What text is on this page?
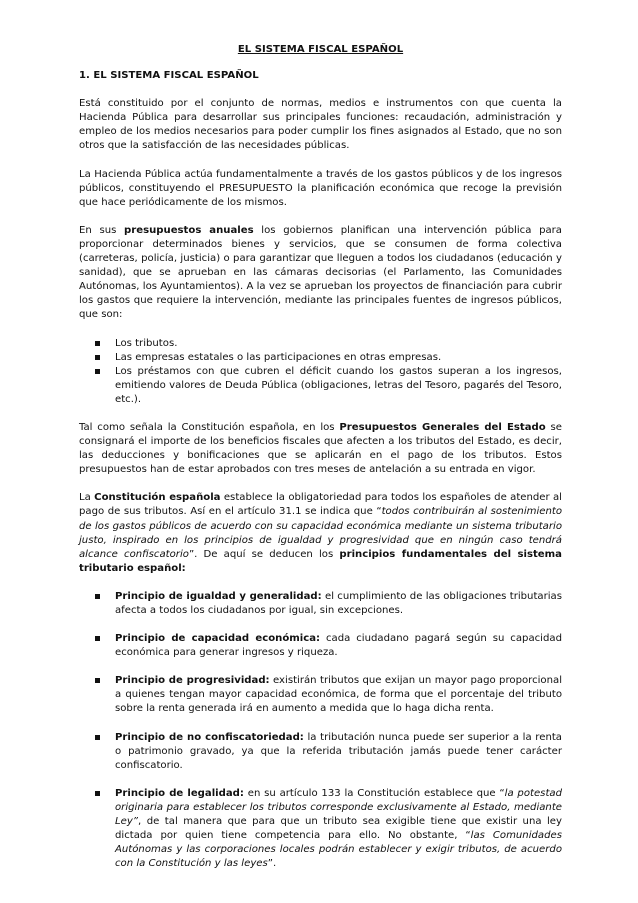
EL SISTEMA FISCAL ESPAÑOL
1. EL SISTEMA FISCAL ESPAÑOL

Está constituido por el conjunto de normas, medios e instrumentos con que cuenta la Hacienda Pública para desarrollar sus principales funciones: recaudación, administración y empleo de los medios necesarios para poder cumplir los fines asignados al Estado, que no son otros que la satisfacción de las necesidades públicas.

La Hacienda Pública actúa fundamentalmente a través de los gastos públicos y de los ingresos públicos, constituyendo el PRESUPUESTO la planificación económica que recoge la previsión que hace periódicamente de los mismos.

En sus presupuestos anuales los gobiernos planifican una intervención pública para proporcionar determinados bienes y servicios, que se consumen de forma colectiva (carreteras, policía, justicia) o para garantizar que lleguen a todos los ciudadanos (educación y sanidad), que se aprueban en las cámaras decisorias (el Parlamento, las Comunidades Autónomas, los Ayuntamientos). A la vez se aprueban los proyectos de financiación para cubrir los gastos que requiere la intervención, mediante las principales fuentes de ingresos públicos, que son:

Los tributos.
Las empresas estatales o las participaciones en otras empresas.
Los préstamos con que cubren el déficit cuando los gastos superan a los ingresos, emitiendo valores de Deuda Pública (obligaciones, letras del Tesoro, pagarés del Tesoro, etc.).

Tal como señala la Constitución española, en los Presupuestos Generales del Estado se consignará el importe de los beneficios fiscales que afecten a los tributos del Estado, es decir, las deducciones y bonificaciones que se aplicarán en el pago de los tributos. Estos presupuestos han de estar aprobados con tres meses de antelación a su entrada en vigor.

La Constitución española establece la obligatoriedad para todos los españoles de atender al pago de sus tributos. Así en el artículo 31.1 se indica que “todos contribuirán al sostenimiento de los gastos públicos de acuerdo con su capacidad económica mediante un sistema tributario justo, inspirado en los principios de igualdad y progresividad que en ningún caso tendrá alcance confiscatorio”. De aquí se deducen los principios fundamentales del sistema tributario español:

Principio de igualdad y generalidad: el cumplimiento de las obligaciones tributarias afecta a todos los ciudadanos por igual, sin excepciones.
Principio de capacidad económica: cada ciudadano pagará según su capacidad económica para generar ingresos y riqueza.
Principio de progresividad: existirán tributos que exijan un mayor pago proporcional a quienes tengan mayor capacidad económica, de forma que el porcentaje del tributo sobre la renta generada irá en aumento a medida que lo haga dicha renta.
Principio de no confiscatoriedad: la tributación nunca puede ser superior a la renta o patrimonio gravado, ya que la referida tributación jamás puede tener carácter confiscatorio.
Principio de legalidad: en su artículo 133 la Constitución establece que “la potestad originaria para establecer los tributos corresponde exclusivamente al Estado, mediante Ley”, de tal manera que para que un tributo sea exigible tiene que existir una ley dictada por quien tiene competencia para ello. No obstante, “las Comunidades Autónomas y las corporaciones locales podrán establecer y exigir tributos, de acuerdo con la Constitución y las leyes”.
